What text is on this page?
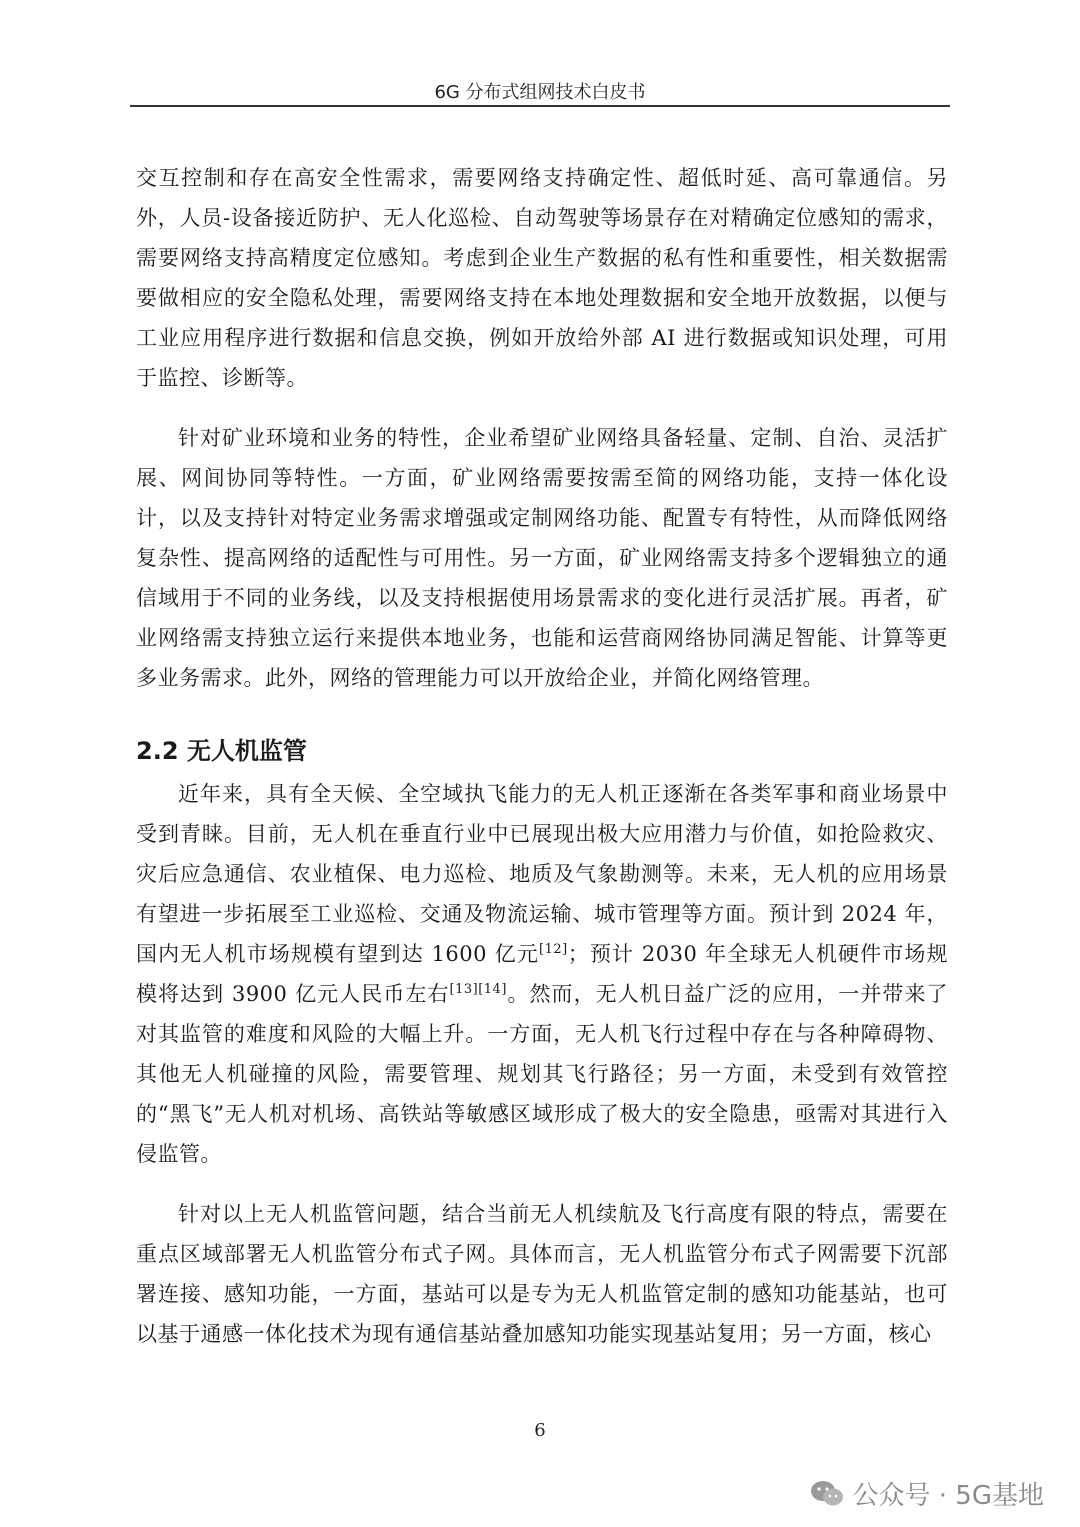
6G 分布式组网技术白皮书

交互控制和存在高安全性需求，需要网络支持确定性、超低时延、高可靠通信。另外，人员-设备接近防护、无人化巡检、自动驾驶等场景存在对精确定位感知的需求，需要网络支持高精度定位感知。考虑到企业生产数据的私有性和重要性，相关数据需要做相应的安全隐私处理，需要网络支持在本地处理数据和安全地开放数据，以便与工业应用程序进行数据和信息交换，例如开放给外部 AI 进行数据或知识处理，可用于监控、诊断等。

针对矿业环境和业务的特性，企业希望矿业网络具备轻量、定制、自治、灵活扩展、网间协同等特性。一方面，矿业网络需要按需至简的网络功能，支持一体化设计，以及支持针对特定业务需求增强或定制网络功能、配置专有特性，从而降低网络复杂性、提高网络的适配性与可用性。另一方面，矿业网络需支持多个逻辑独立的通信域用于不同的业务线，以及支持根据使用场景需求的变化进行灵活扩展。再者，矿业网络需支持独立运行来提供本地业务，也能和运营商网络协同满足智能、计算等更多业务需求。此外，网络的管理能力可以开放给企业，并简化网络管理。

2.2 无人机监管

近年来，具有全天候、全空域执飞能力的无人机正逐渐在各类军事和商业场景中受到青睐。目前，无人机在垂直行业中已展现出极大应用潜力与价值，如抢险救灾、灾后应急通信、农业植保、电力巡检、地质及气象勘测等。未来，无人机的应用场景有望进一步拓展至工业巡检、交通及物流运输、城市管理等方面。预计到 2024 年，国内无人机市场规模有望到达 1600 亿元[12]；预计 2030 年全球无人机硬件市场规模将达到 3900 亿元人民币左右[13][14]。然而，无人机日益广泛的应用，一并带来了对其监管的难度和风险的大幅上升。一方面，无人机飞行过程中存在与各种障碍物、其他无人机碰撞的风险，需要管理、规划其飞行路径；另一方面，未受到有效管控的“黑飞”无人机对机场、高铁站等敏感区域形成了极大的安全隐患，亟需对其进行入侵监管。

针对以上无人机监管问题，结合当前无人机续航及飞行高度有限的特点，需要在重点区域部署无人机监管分布式子网。具体而言，无人机监管分布式子网需要下沉部署连接、感知功能，一方面，基站可以是专为无人机监管定制的感知功能基站，也可以基于通感一体化技术为现有通信基站叠加感知功能实现基站复用；另一方面，核心

6
公众号 · 5G基地
